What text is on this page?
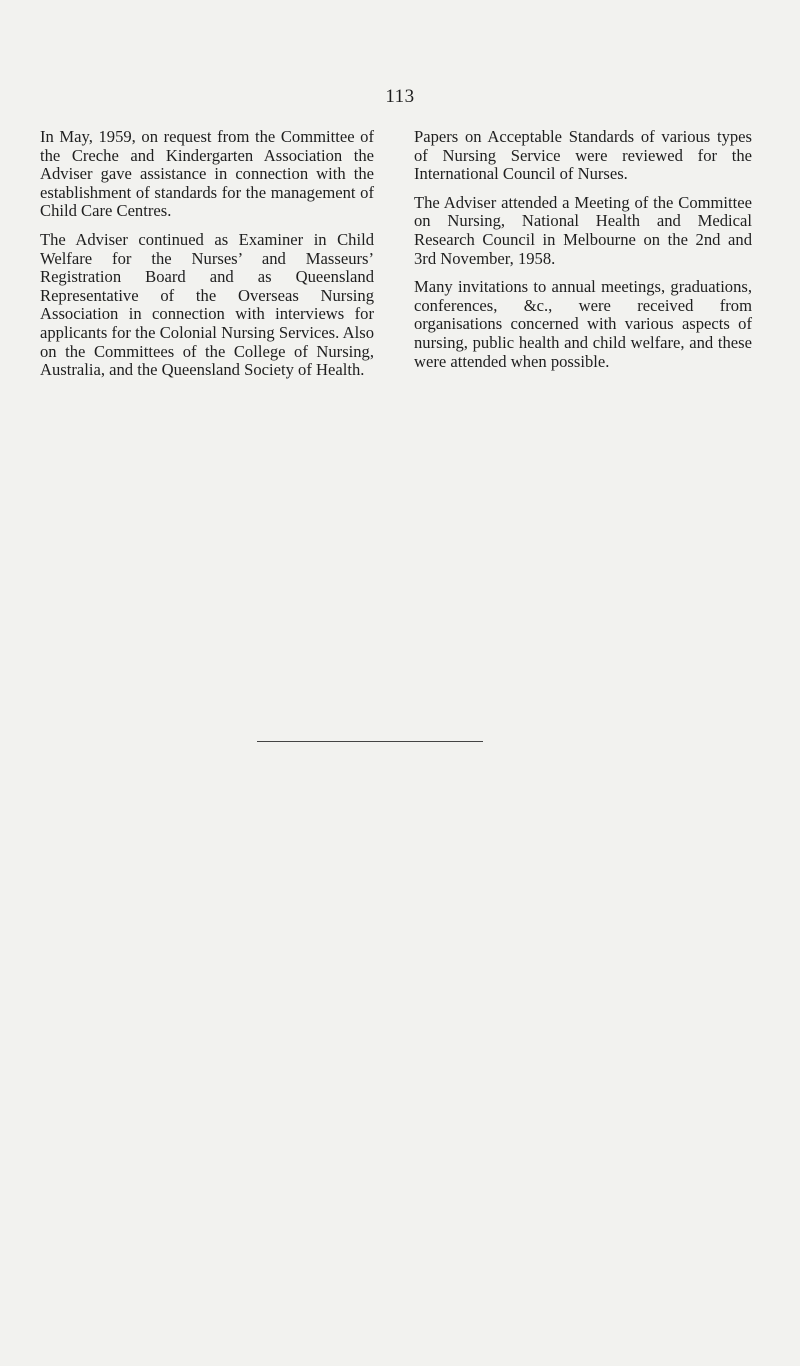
113

In May, 1959, on request from the Committee of the Creche and Kindergarten Association the Adviser gave assistance in connection with the establishment of standards for the management of Child Care Centres.

The Adviser continued as Examiner in Child Welfare for the Nurses’ and Masseurs’ Registration Board and as Queensland Representative of the Overseas Nursing Association in connection with interviews for applicants for the Colonial Nursing Services. Also on the Committees of the College of Nursing, Australia, and the Queensland Society of Health.

Papers on Acceptable Standards of various types of Nursing Service were reviewed for the International Council of Nurses.

The Adviser attended a Meeting of the Committee on Nursing, National Health and Medical Research Council in Melbourne on the 2nd and 3rd November, 1958.

Many invitations to annual meetings, graduations, conferences, &c., were received from organisations concerned with various aspects of nursing, public health and child welfare, and these were attended when possible.
